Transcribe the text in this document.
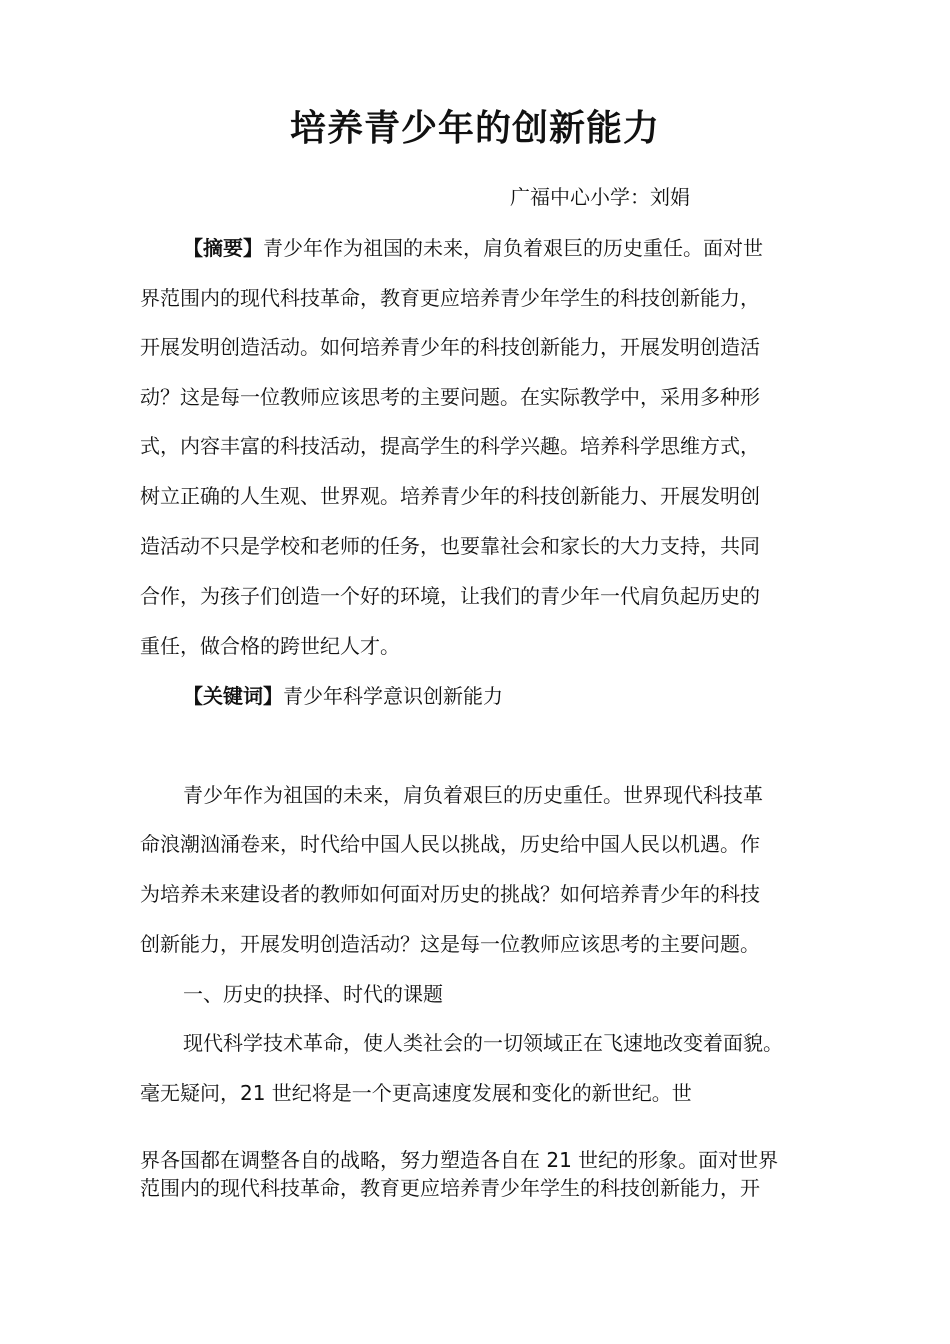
培养青少年的创新能力
广福中心小学：刘娟

【摘要】青少年作为祖国的未来，肩负着艰巨的历史重任。面对世

界范围内的现代科技革命，教育更应培养青少年学生的科技创新能力，

开展发明创造活动。如何培养青少年的科技创新能力，开展发明创造活

动？这是每一位教师应该思考的主要问题。在实际教学中，采用多种形

式，内容丰富的科技活动，提高学生的科学兴趣。培养科学思维方式，

树立正确的人生观、世界观。培养青少年的科技创新能力、开展发明创

造活动不只是学校和老师的任务，也要靠社会和家长的大力支持，共同

合作，为孩子们创造一个好的环境，让我们的青少年一代肩负起历史的

重任，做合格的跨世纪人才。

【关键词】青少年科学意识创新能力

青少年作为祖国的未来，肩负着艰巨的历史重任。世界现代科技革

命浪潮汹涌卷来，时代给中国人民以挑战，历史给中国人民以机遇。作

为培养未来建设者的教师如何面对历史的挑战？如何培养青少年的科技

创新能力，开展发明创造活动？这是每一位教师应该思考的主要问题。

一、历史的抉择、时代的课题

现代科学技术革命，使人类社会的一切领域正在飞速地改变着面貌。

毫无疑问，21 世纪将是一个更高速度发展和变化的新世纪。世

界各国都在调整各自的战略，努力塑造各自在 21 世纪的形象。面对世界

范围内的现代科技革命，教育更应培养青少年学生的科技创新能力，开
